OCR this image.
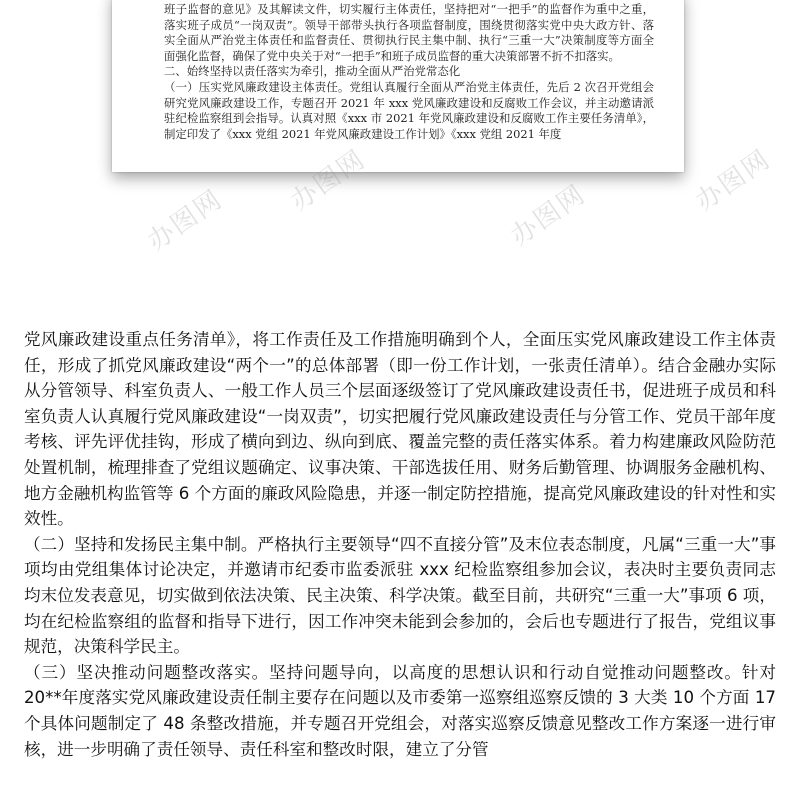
班子监督的意见》及其解读文件，切实履行主体责任，坚持把对“一把手”的监督作为重中之重，落实班子成员“一岗双责”。领导干部带头执行各项监督制度，围绕贯彻落实党中央大政方针、落实全面从严治党主体责任和监督责任、贯彻执行民主集中制、执行“三重一大”决策制度等方面全面强化监督，确保了党中央关于对“一把手”和班子成员监督的重大决策部署不折不扣落实。

二、始终坚持以责任落实为牵引，推动全面从严治党常态化

（一）压实党风廉政建设主体责任。党组认真履行全面从严治党主体责任，先后 2 次召开党组会研究党风廉政建设工作，专题召开 2021 年 xxx 党风廉政建设和反腐败工作会议，并主动邀请派驻纪检监察组到会指导。认真对照《xxx 市 2021 年党风廉政建设和反腐败工作主要任务清单》，制定印发了《xxx 党组 2021 年党风廉政建设工作计划》《xxx 党组 2021 年度

办图网
办图网	办图网	办图网

党风廉政建设重点任务清单》，将工作责任及工作措施明确到个人，全面压实党风廉政建设工作主体责任，形成了抓党风廉政建设“两个一”的总体部署（即一份工作计划，一张责任清单）。结合金融办实际从分管领导、科室负责人、一般工作人员三个层面逐级签订了党风廉政建设责任书，促进班子成员和科室负责人认真履行党风廉政建设“一岗双责”，切实把履行党风廉政建设责任与分管工作、党员干部年度考核、评先评优挂钩，形成了横向到边、纵向到底、覆盖完整的责任落实体系。着力构建廉政风险防范处置机制，梳理排查了党组议题确定、议事决策、干部选拔任用、财务后勤管理、协调服务金融机构、地方金融机构监管等 6 个方面的廉政风险隐患，并逐一制定防控措施，提高党风廉政建设的针对性和实效性。

（二）坚持和发扬民主集中制。严格执行主要领导“四不直接分管”及末位表态制度，凡属“三重一大”事项均由党组集体讨论决定，并邀请市纪委市监委派驻 xxx 纪检监察组参加会议，表决时主要负责同志均末位发表意见，切实做到依法决策、民主决策、科学决策。截至目前，共研究“三重一大”事项 6 项，均在纪检监察组的监督和指导下进行，因工作冲突未能到会参加的，会后也专题进行了报告，党组议事规范，决策科学民主。

（三）坚决推动问题整改落实。坚持问题导向，以高度的思想认识和行动自觉推动问题整改。针对 20**年度落实党风廉政建设责任制主要存在问题以及市委第一巡察组巡察反馈的 3 大类 10 个方面 17 个具体问题制定了 48 条整改措施，并专题召开党组会，对落实巡察反馈意见整改工作方案逐一进行审核，进一步明确了责任领导、责任科室和整改时限，建立了分管
